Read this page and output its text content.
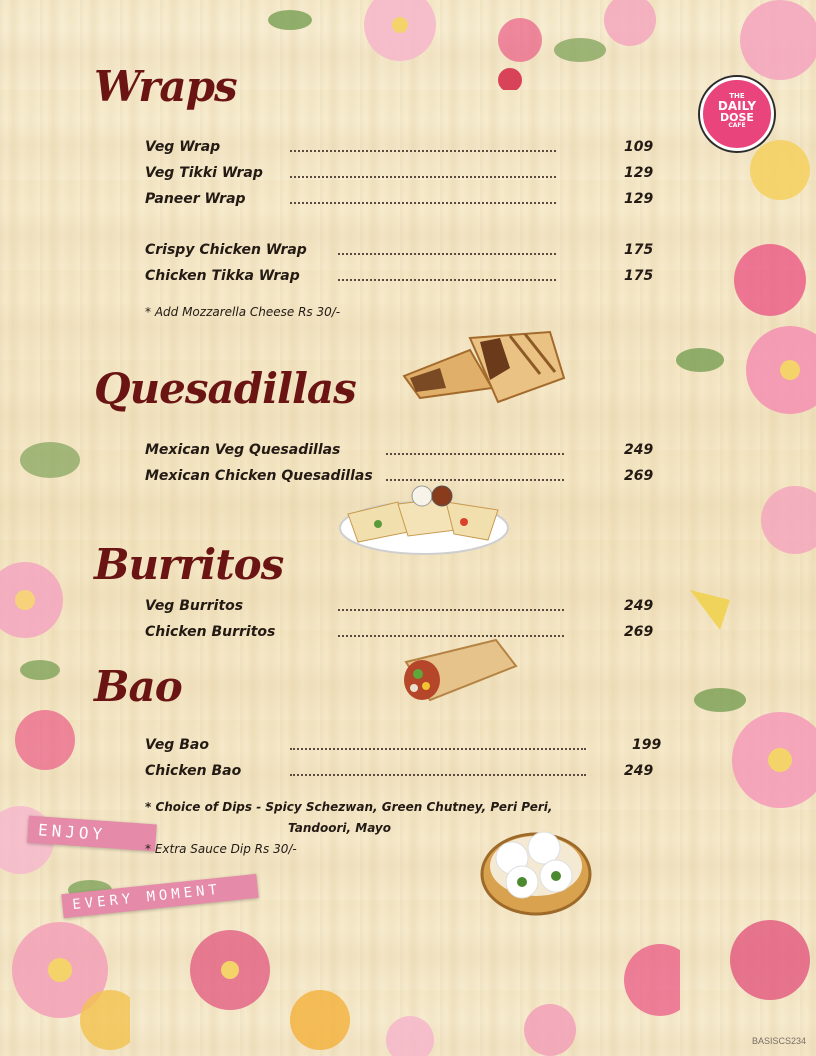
THE
DAILY
DOSE
CAFE
Wraps
Veg Wrap	109
Veg Tikki Wrap	129
Paneer Wrap	129
Crispy Chicken Wrap	175
Chicken Tikka Wrap	175
* Add Mozzarella Cheese Rs 30/-
Quesadillas
Mexican Veg Quesadillas	249
Mexican Chicken Quesadillas	269
Burritos
Veg Burritos	249
Chicken Burritos	269
Bao
Veg Bao	199
Chicken Bao	249
* Choice of Dips - Spicy Schezwan, Green Chutney, Peri Peri,
Tandoori, Mayo
ENJOY
EVERY MOMENT
* Extra Sauce Dip Rs 30/-
BASISCS234
